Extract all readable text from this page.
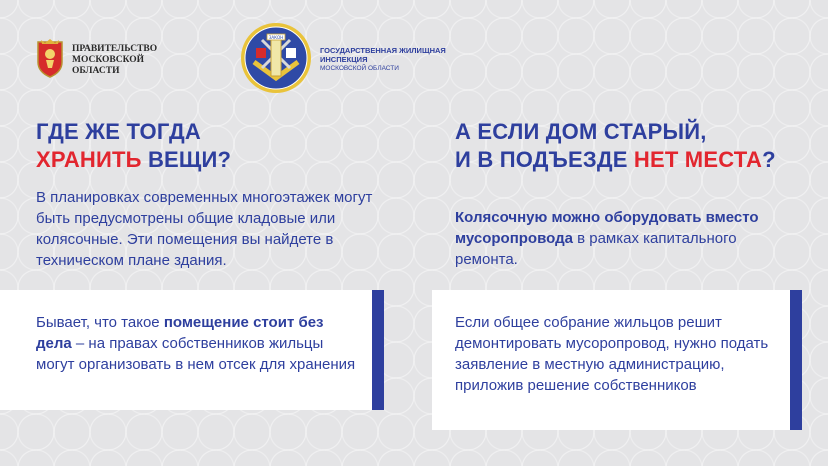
ПРАВИТЕЛЬСТВО МОСКОВСКОЙ ОБЛАСТИ
ЗАКОН
ГОСУДАРСТВЕННАЯ ЖИЛИЩНАЯ ИНСПЕКЦИЯ
МОСКОВСКОЙ ОБЛАСТИ
ГДЕ ЖЕ ТОГДА
ХРАНИТЬ ВЕЩИ?
В планировках современных многоэтажек могут быть предусмотрены общие кладовые или колясочные. Эти помещения вы найдете в техническом плане здания.
Бывает, что такое помещение стоит без дела – на правах собственников жильцы могут организовать в нем отсек для хранения
А ЕСЛИ ДОМ СТАРЫЙ,
И В ПОДЪЕЗДЕ НЕТ МЕСТА?
Колясочную можно оборудовать вместо мусоропровода в рамках капитального ремонта.
Если общее собрание жильцов решит демонтировать мусоропровод, нужно подать заявление в местную администрацию, приложив решение собственников
